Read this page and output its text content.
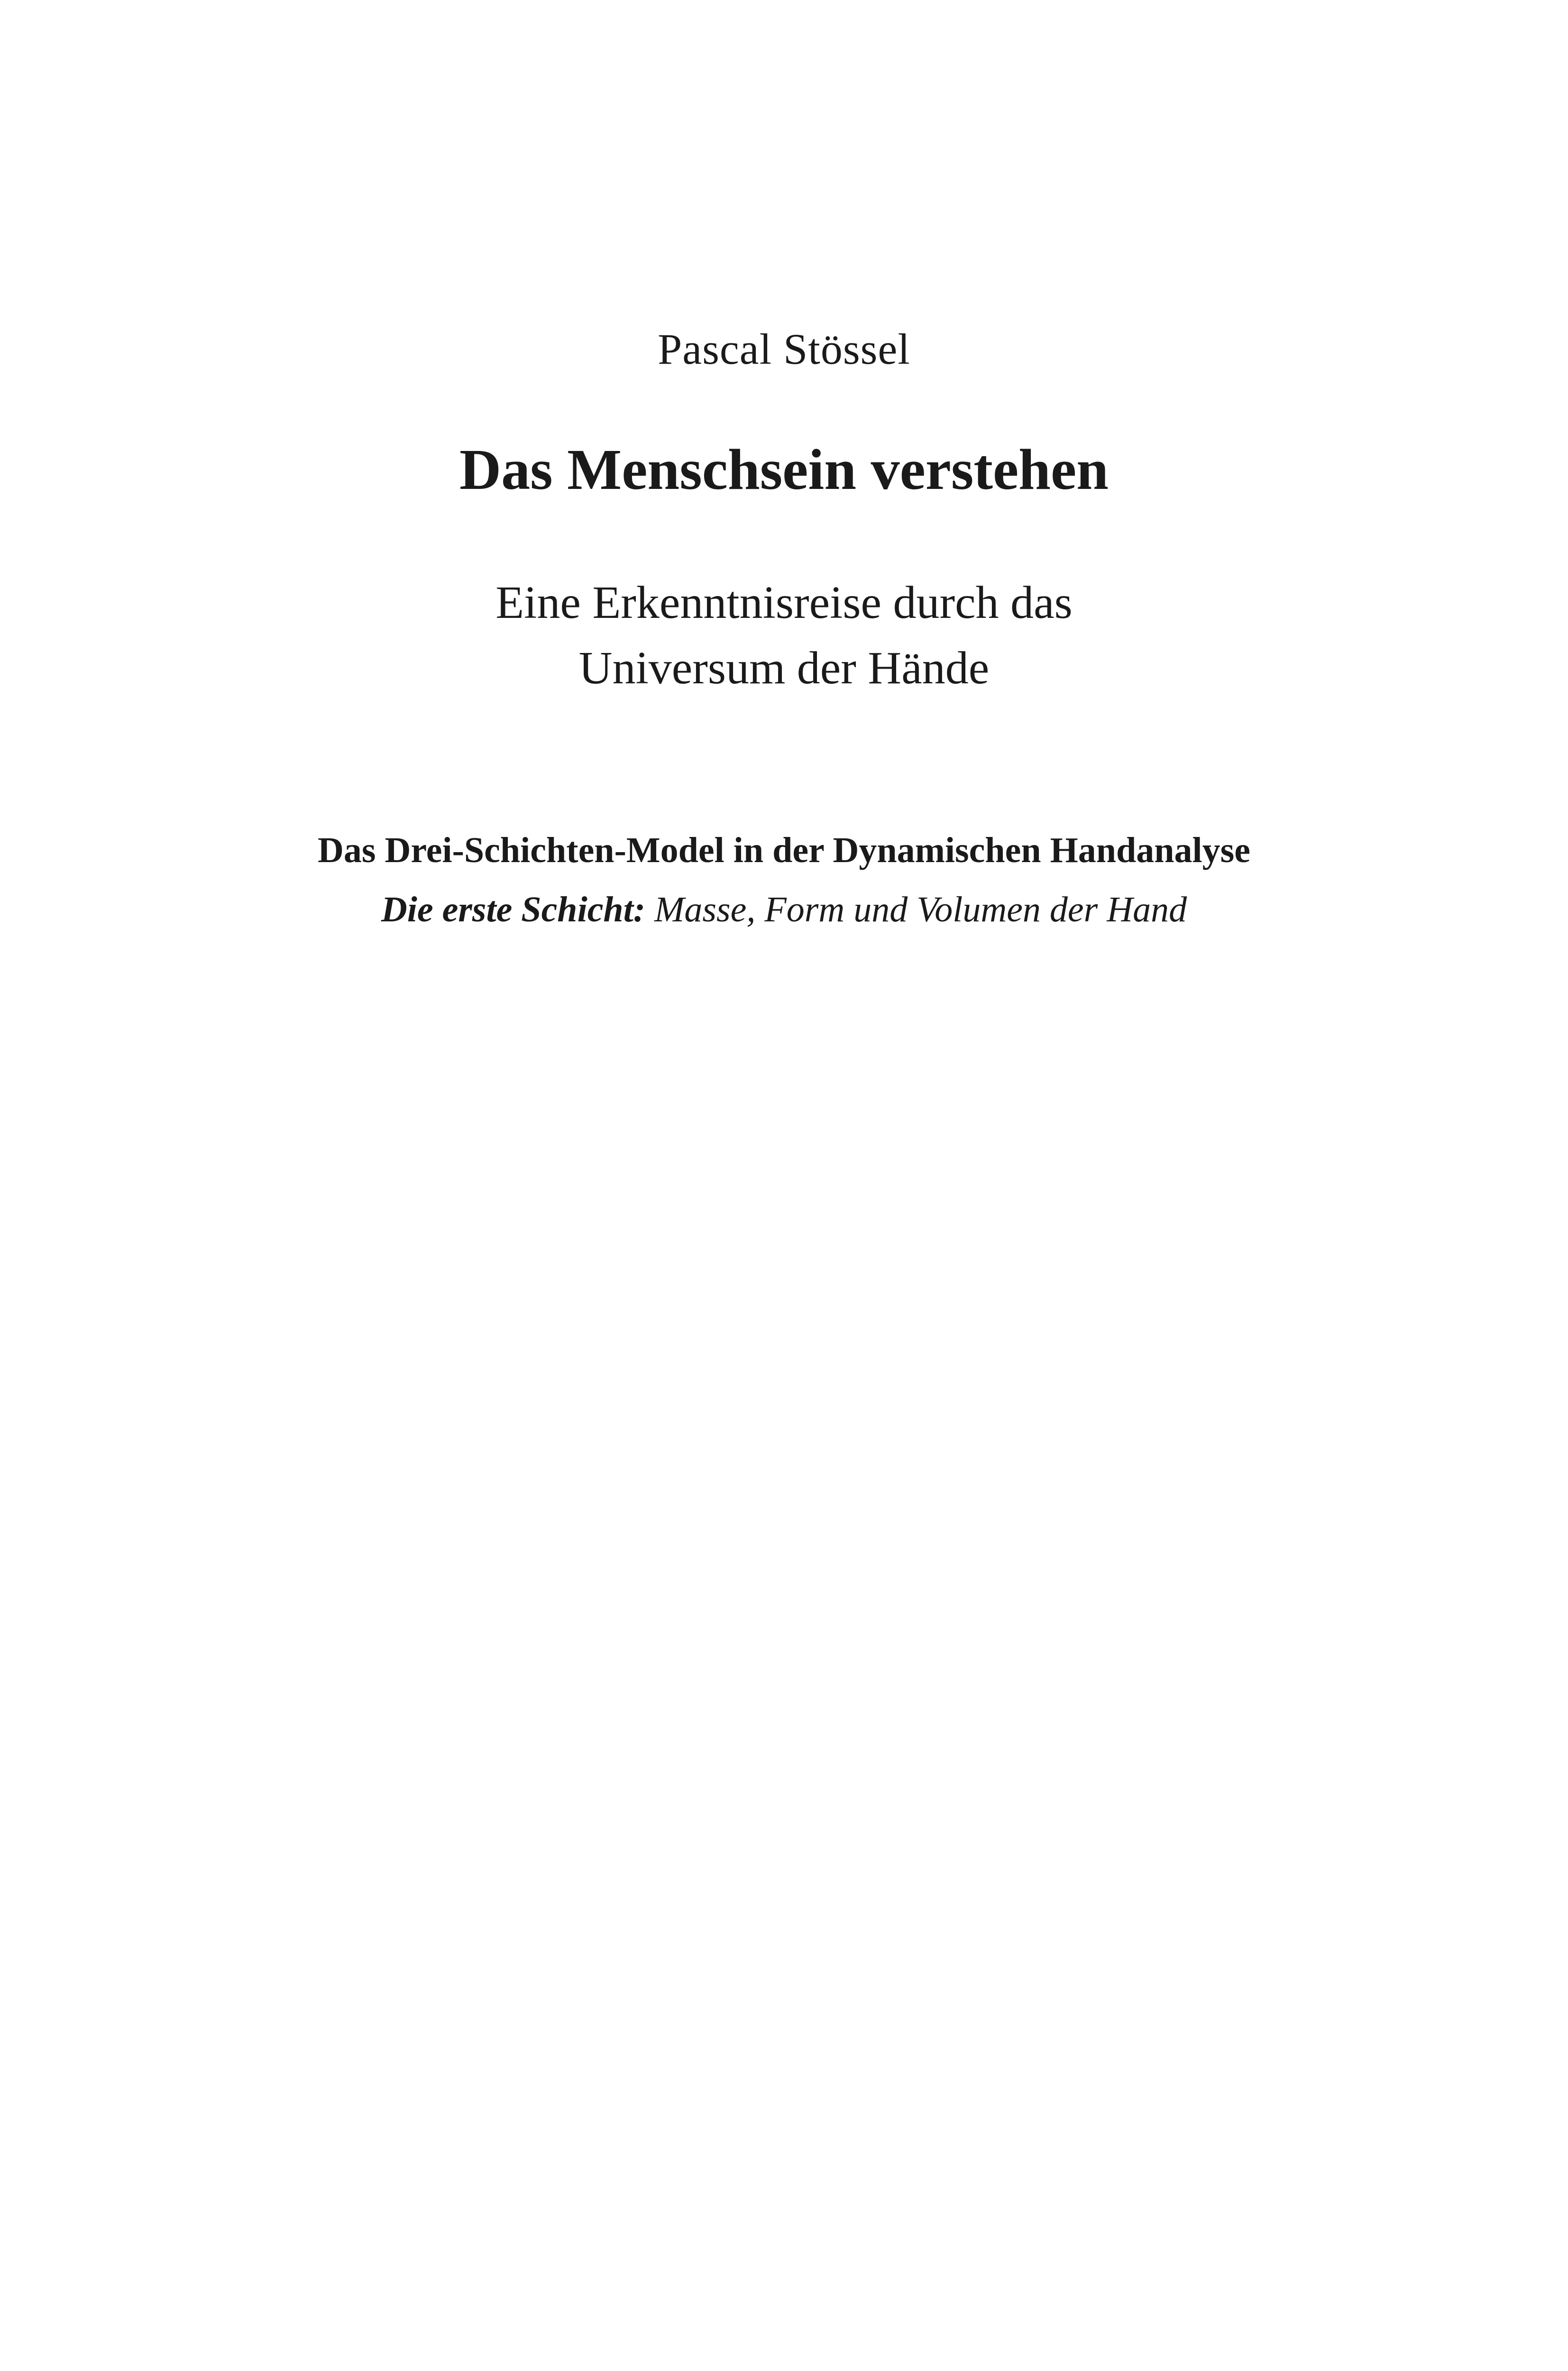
Pascal Stössel
Das Menschsein verstehen
Eine Erkenntnisreise durch das
Universum der Hände
Das Drei-Schichten-Model in der Dynamischen Handanalyse
Die erste Schicht: Masse, Form und Volumen der Hand
